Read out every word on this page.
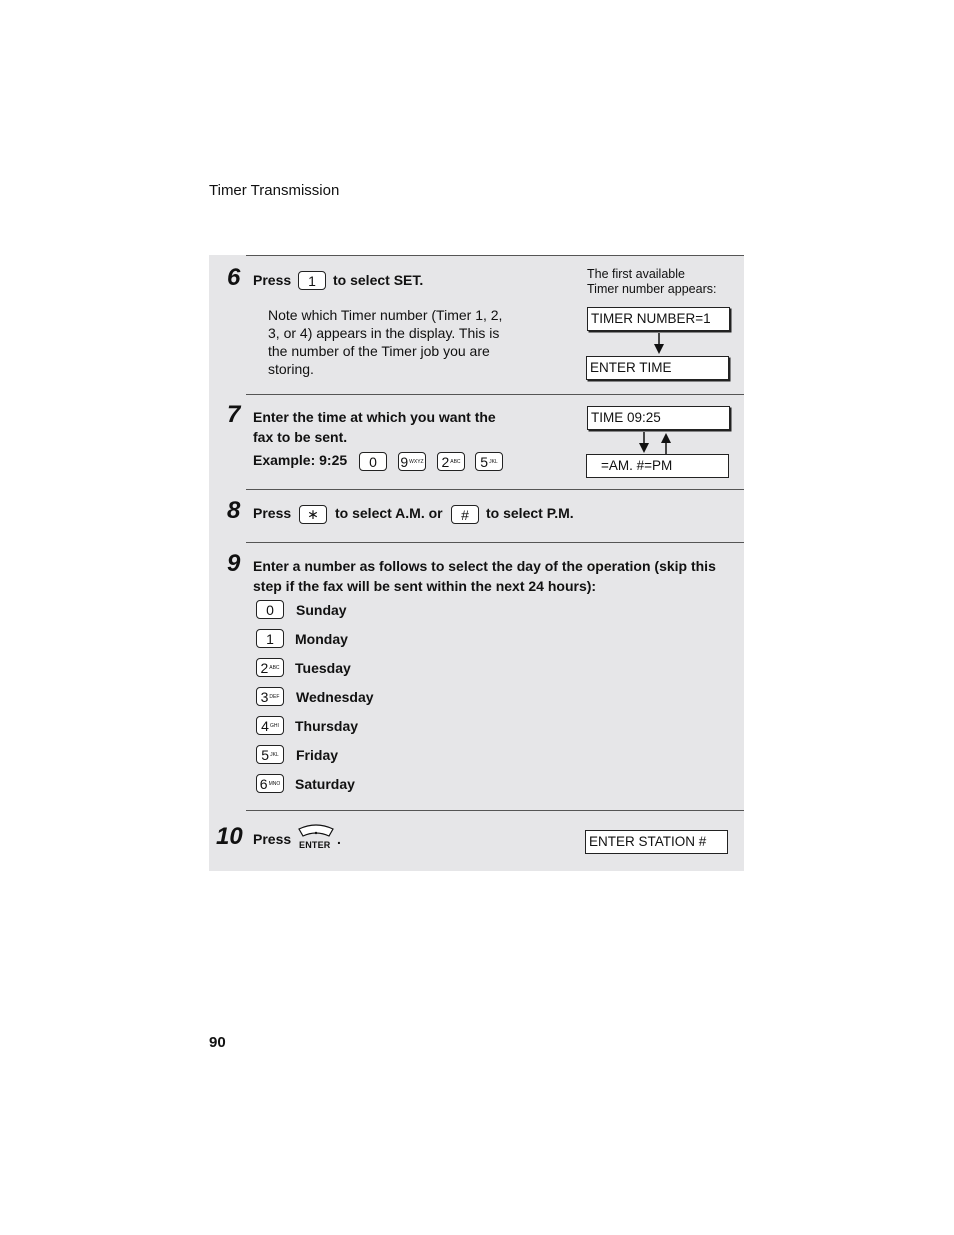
Timer Transmission
6 Press 1 to select SET.
Note which Timer number (Timer 1, 2,
3, or 4) appears in the display. This is
the number of the Timer job you are
storing.
The first available
Timer number appears:
TIMER NUMBER=1
ENTER TIME
7 Enter the time at which you want the
fax to be sent.
Example: 9:25 0 9 WXYZ 2 ABC 5 JKL
TIME 09:25
=AM. #=PM
8 Press ∗ to select A.M. or # to select P.M.
9 Enter a number as follows to select the day of the operation (skip this
step if the fax will be sent within the next 24 hours):
0 Sunday
1 Monday
2 ABC Tuesday
3 DEF Wednesday
4 GHI Thursday
5 JKL Friday
6 MNO Saturday
10 Press ENTER .	ENTER STATION #
90
